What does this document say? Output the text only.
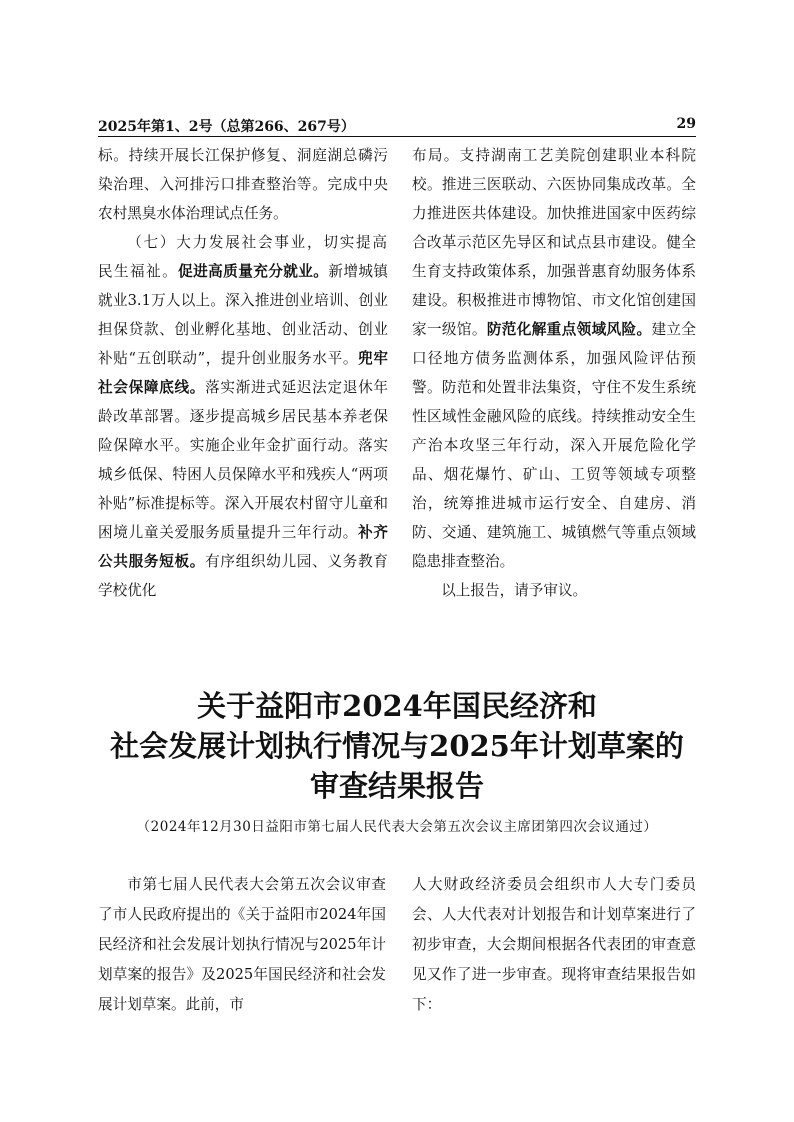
2025年第1、2号（总第266、267号）	29

标。持续开展长江保护修复、洞庭湖总磷污染治理、入河排污口排查整治等。完成中央农村黑臭水体治理试点任务。

（七）大力发展社会事业，切实提高民生福祉。促进高质量充分就业。新增城镇就业3.1万人以上。深入推进创业培训、创业担保贷款、创业孵化基地、创业活动、创业补贴“五创联动”，提升创业服务水平。兜牢社会保障底线。落实渐进式延迟法定退休年龄改革部署。逐步提高城乡居民基本养老保险保障水平。实施企业年金扩面行动。落实城乡低保、特困人员保障水平和残疾人“两项补贴”标准提标等。深入开展农村留守儿童和困境儿童关爱服务质量提升三年行动。补齐公共服务短板。有序组织幼儿园、义务教育学校优化

布局。支持湖南工艺美院创建职业本科院校。推进三医联动、六医协同集成改革。全力推进医共体建设。加快推进国家中医药综合改革示范区先导区和试点县市建设。健全生育支持政策体系，加强普惠育幼服务体系建设。积极推进市博物馆、市文化馆创建国家一级馆。防范化解重点领域风险。建立全口径地方债务监测体系，加强风险评估预警。防范和处置非法集资，守住不发生系统性区域性金融风险的底线。持续推动安全生产治本攻坚三年行动，深入开展危险化学品、烟花爆竹、矿山、工贸等领域专项整治，统筹推进城市运行安全、自建房、消防、交通、建筑施工、城镇燃气等重点领域隐患排查整治。

以上报告，请予审议。

关于益阳市2024年国民经济和
社会发展计划执行情况与2025年计划草案的
审查结果报告
（2024年12月30日益阳市第七届人民代表大会第五次会议主席团第四次会议通过）

市第七届人民代表大会第五次会议审查了市人民政府提出的《关于益阳市2024年国民经济和社会发展计划执行情况与2025年计划草案的报告》及2025年国民经济和社会发展计划草案。此前，市

人大财政经济委员会组织市人大专门委员会、人大代表对计划报告和计划草案进行了初步审查，大会期间根据各代表团的审查意见又作了进一步审查。现将审查结果报告如下：
